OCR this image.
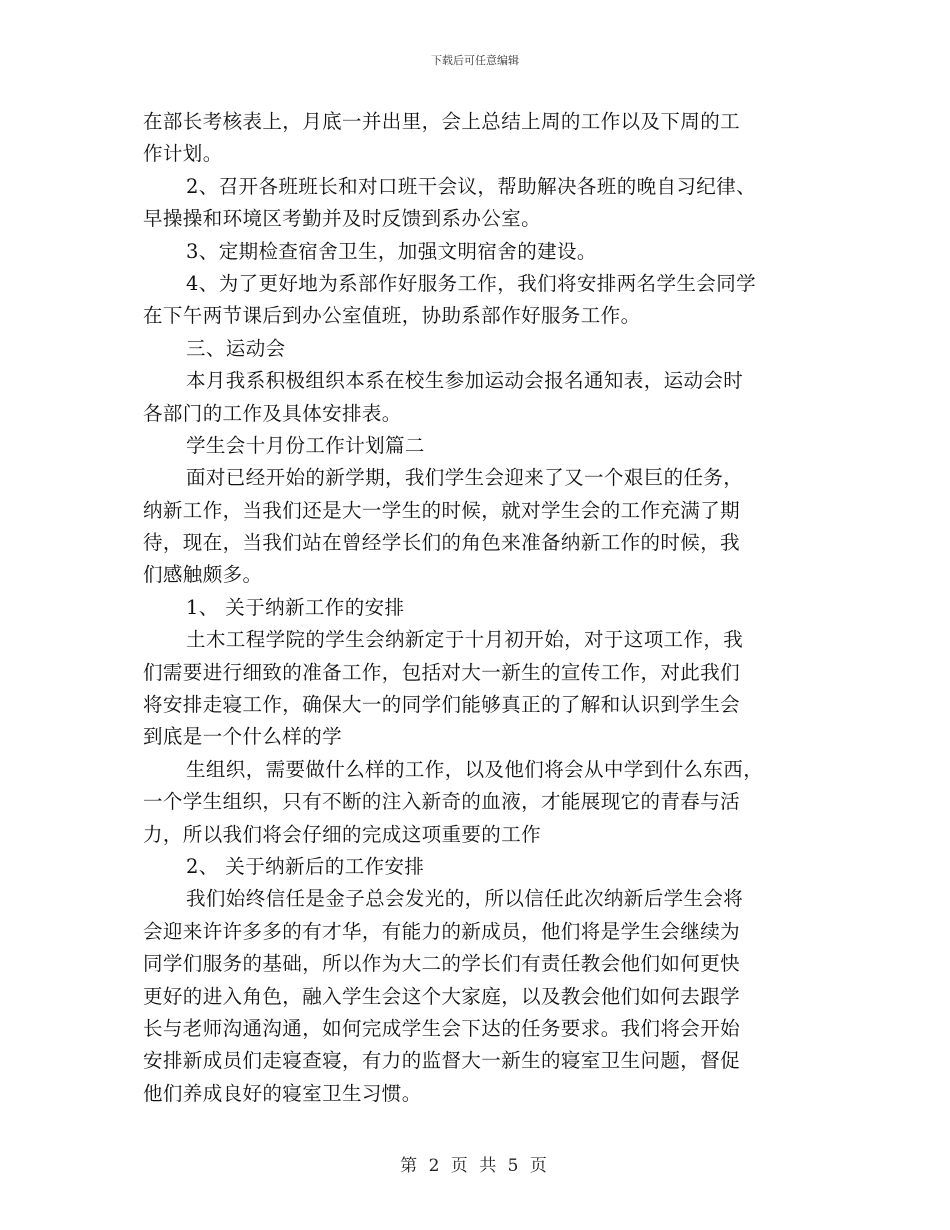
下载后可任意编辑
在部长考核表上，月底一并出里，会上总结上周的工作以及下周的工
作计划。
2、召开各班班长和对口班干会议，帮助解决各班的晚自习纪律、
早操操和环境区考勤并及时反馈到系办公室。
3、定期检查宿舍卫生，加强文明宿舍的建设。
4、为了更好地为系部作好服务工作，我们将安排两名学生会同学
在下午两节课后到办公室值班，协助系部作好服务工作。
三、运动会
本月我系积极组织本系在校生参加运动会报名通知表，运动会时
各部门的工作及具体安排表。
学生会十月份工作计划篇二
面对已经开始的新学期，我们学生会迎来了又一个艰巨的任务，
纳新工作，当我们还是大一学生的时候，就对学生会的工作充满了期
待，现在，当我们站在曾经学长们的角色来准备纳新工作的时候，我
们感触颇多。
1、 关于纳新工作的安排
土木工程学院的学生会纳新定于十月初开始，对于这项工作，我
们需要进行细致的准备工作，包括对大一新生的宣传工作，对此我们
将安排走寝工作，确保大一的同学们能够真正的了解和认识到学生会
到底是一个什么样的学
生组织，需要做什么样的工作，以及他们将会从中学到什么东西，
一个学生组织，只有不断的注入新奇的血液，才能展现它的青春与活
力，所以我们将会仔细的完成这项重要的工作
2、 关于纳新后的工作安排
我们始终信任是金子总会发光的，所以信任此次纳新后学生会将
会迎来许许多多的有才华，有能力的新成员，他们将是学生会继续为
同学们服务的基础，所以作为大二的学长们有责任教会他们如何更快
更好的进入角色，融入学生会这个大家庭，以及教会他们如何去跟学
长与老师沟通沟通，如何完成学生会下达的任务要求。我们将会开始
安排新成员们走寝查寝，有力的监督大一新生的寝室卫生问题，督促
他们养成良好的寝室卫生习惯。
第 2 页 共 5 页
